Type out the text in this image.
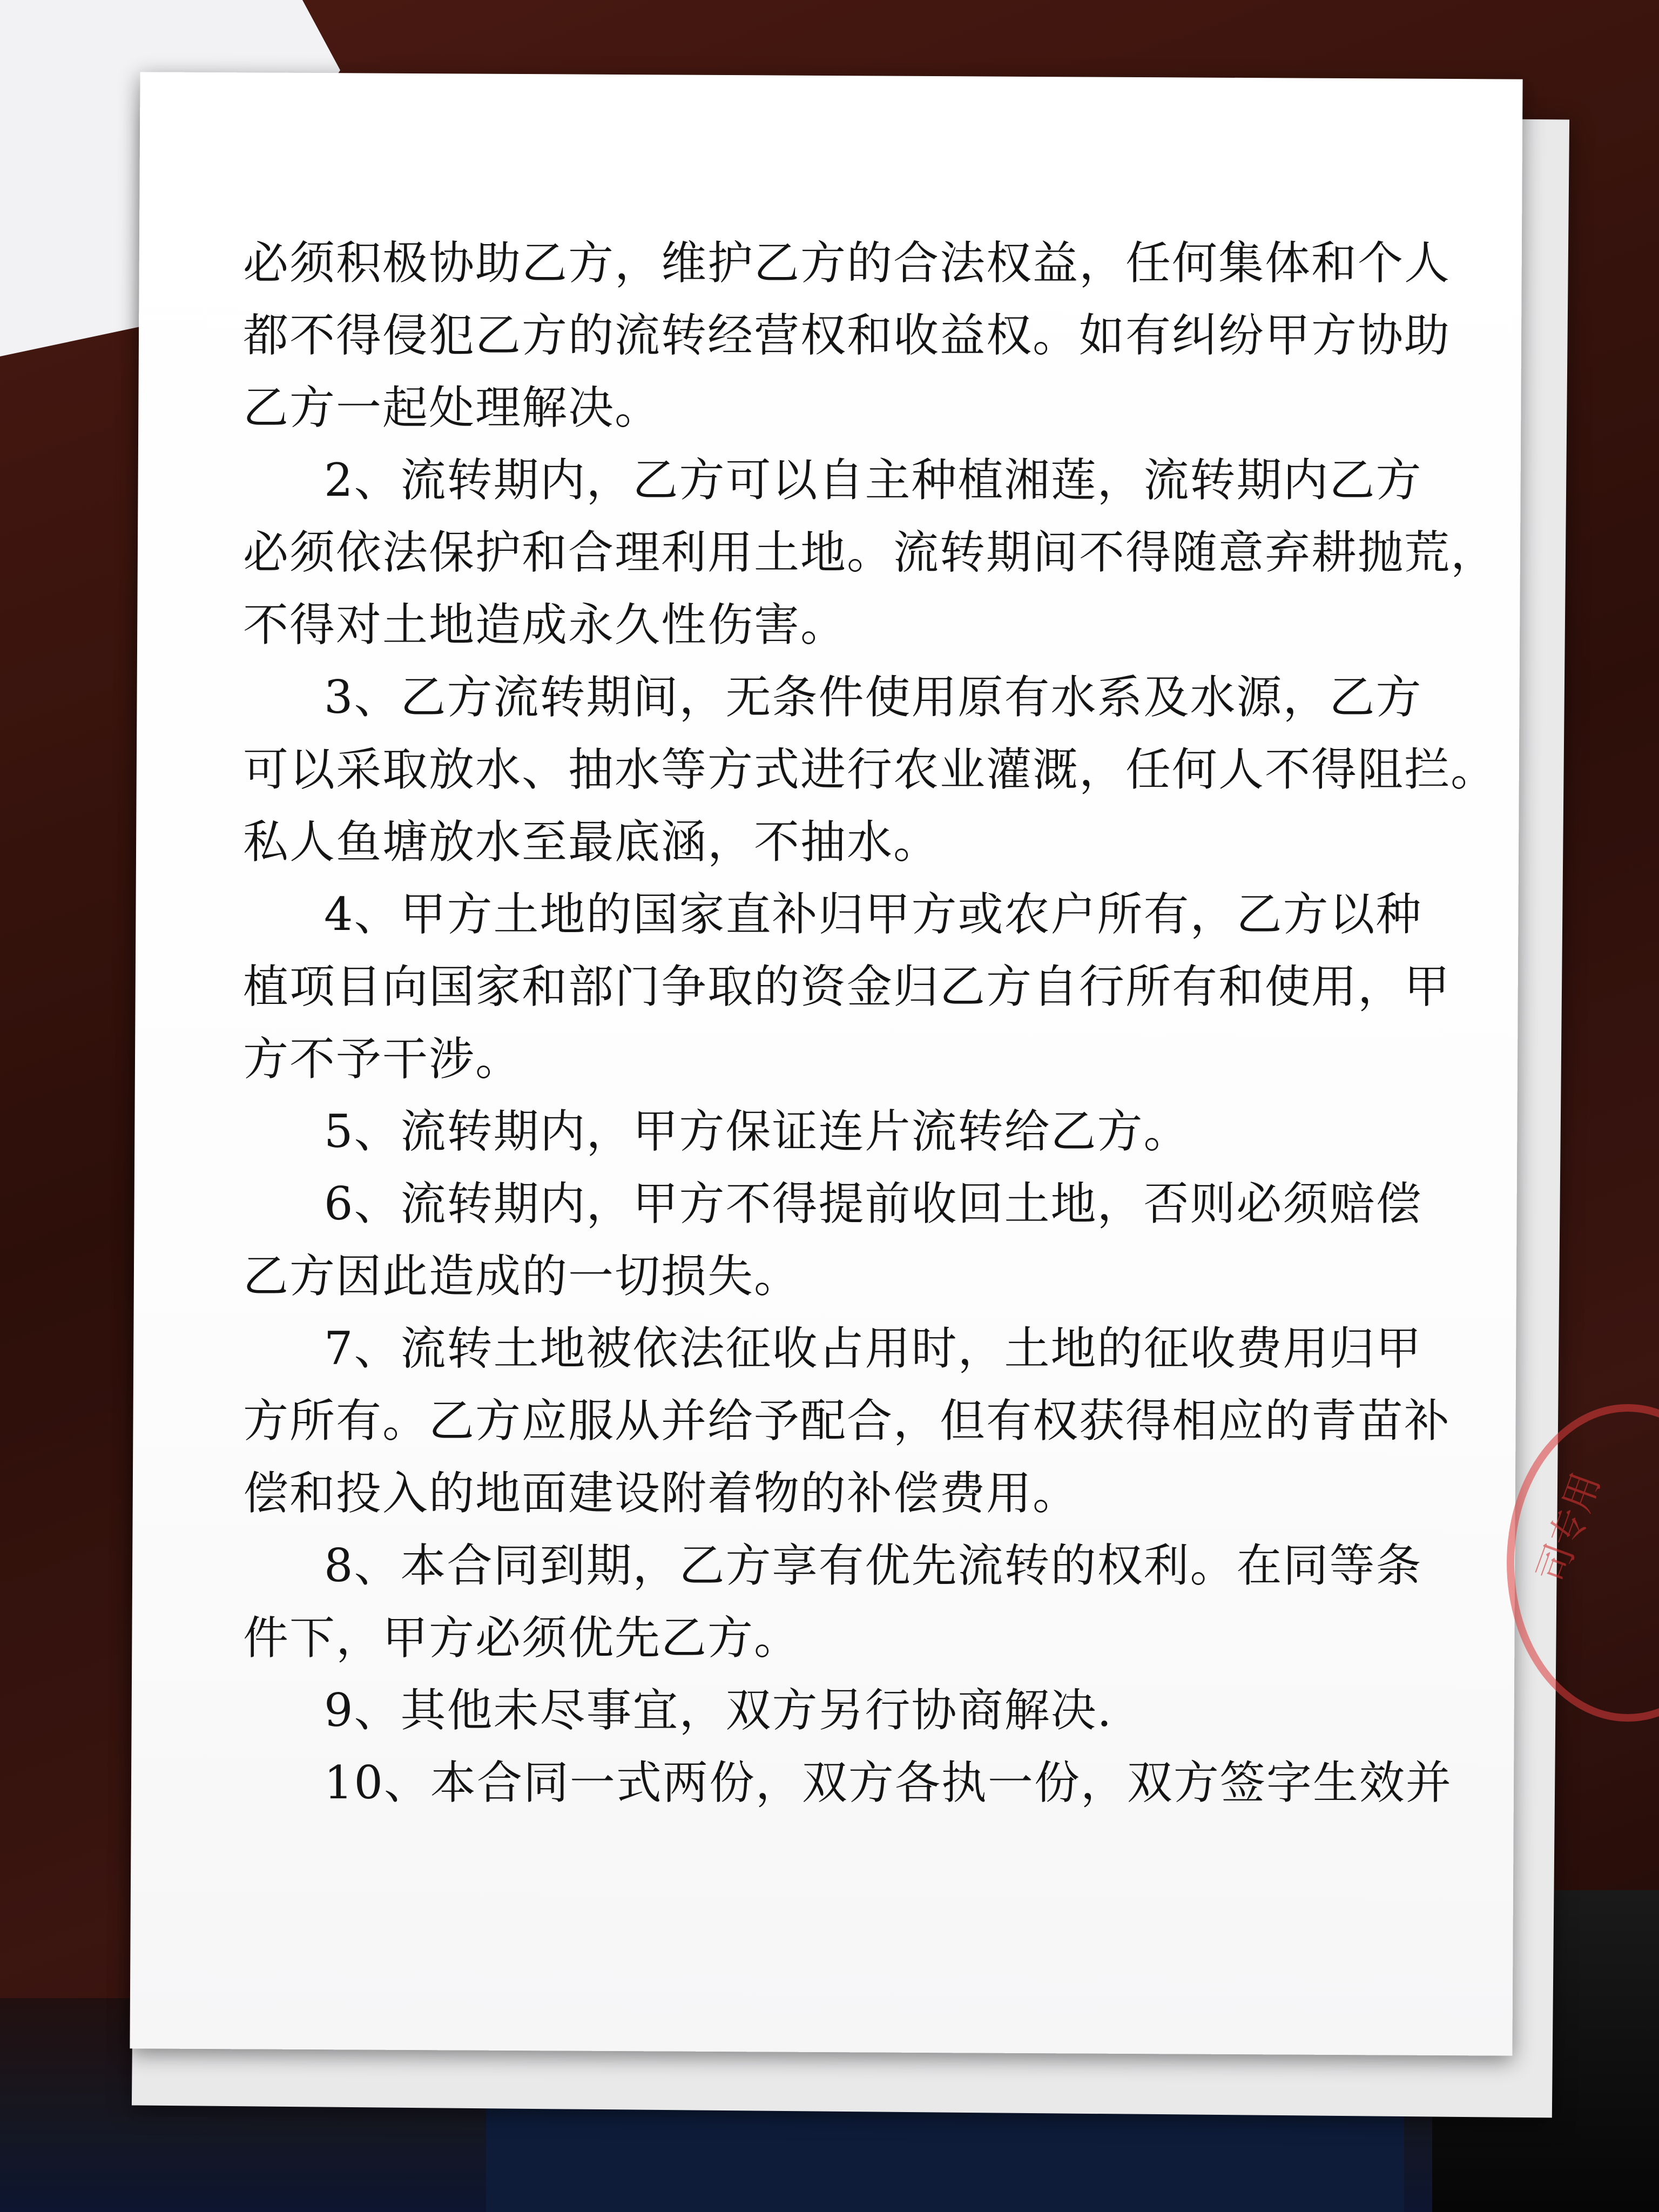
必须积极协助乙方，维护乙方的合法权益，任何集体和个人
都不得侵犯乙方的流转经营权和收益权。如有纠纷甲方协助
乙方一起处理解决。
2、流转期内，乙方可以自主种植湘莲，流转期内乙方
必须依法保护和合理利用土地。流转期间不得随意弃耕抛荒，
不得对土地造成永久性伤害。
3、乙方流转期间，无条件使用原有水系及水源，乙方
可以采取放水、抽水等方式进行农业灌溉，任何人不得阻拦。
私人鱼塘放水至最底涵，不抽水。
4、甲方土地的国家直补归甲方或农户所有，乙方以种
植项目向国家和部门争取的资金归乙方自行所有和使用，甲
方不予干涉。
5、流转期内，甲方保证连片流转给乙方。
6、流转期内，甲方不得提前收回土地，否则必须赔偿
乙方因此造成的一切损失。
7、流转土地被依法征收占用时，土地的征收费用归甲
方所有。乙方应服从并给予配合，但有权获得相应的青苗补
偿和投入的地面建设附着物的补偿费用。
8、本合同到期，乙方享有优先流转的权利。在同等条
件下，甲方必须优先乙方。
9、其他未尽事宜，双方另行协商解决.
10、本合同一式两份，双方各执一份，双方签字生效并
司专用
